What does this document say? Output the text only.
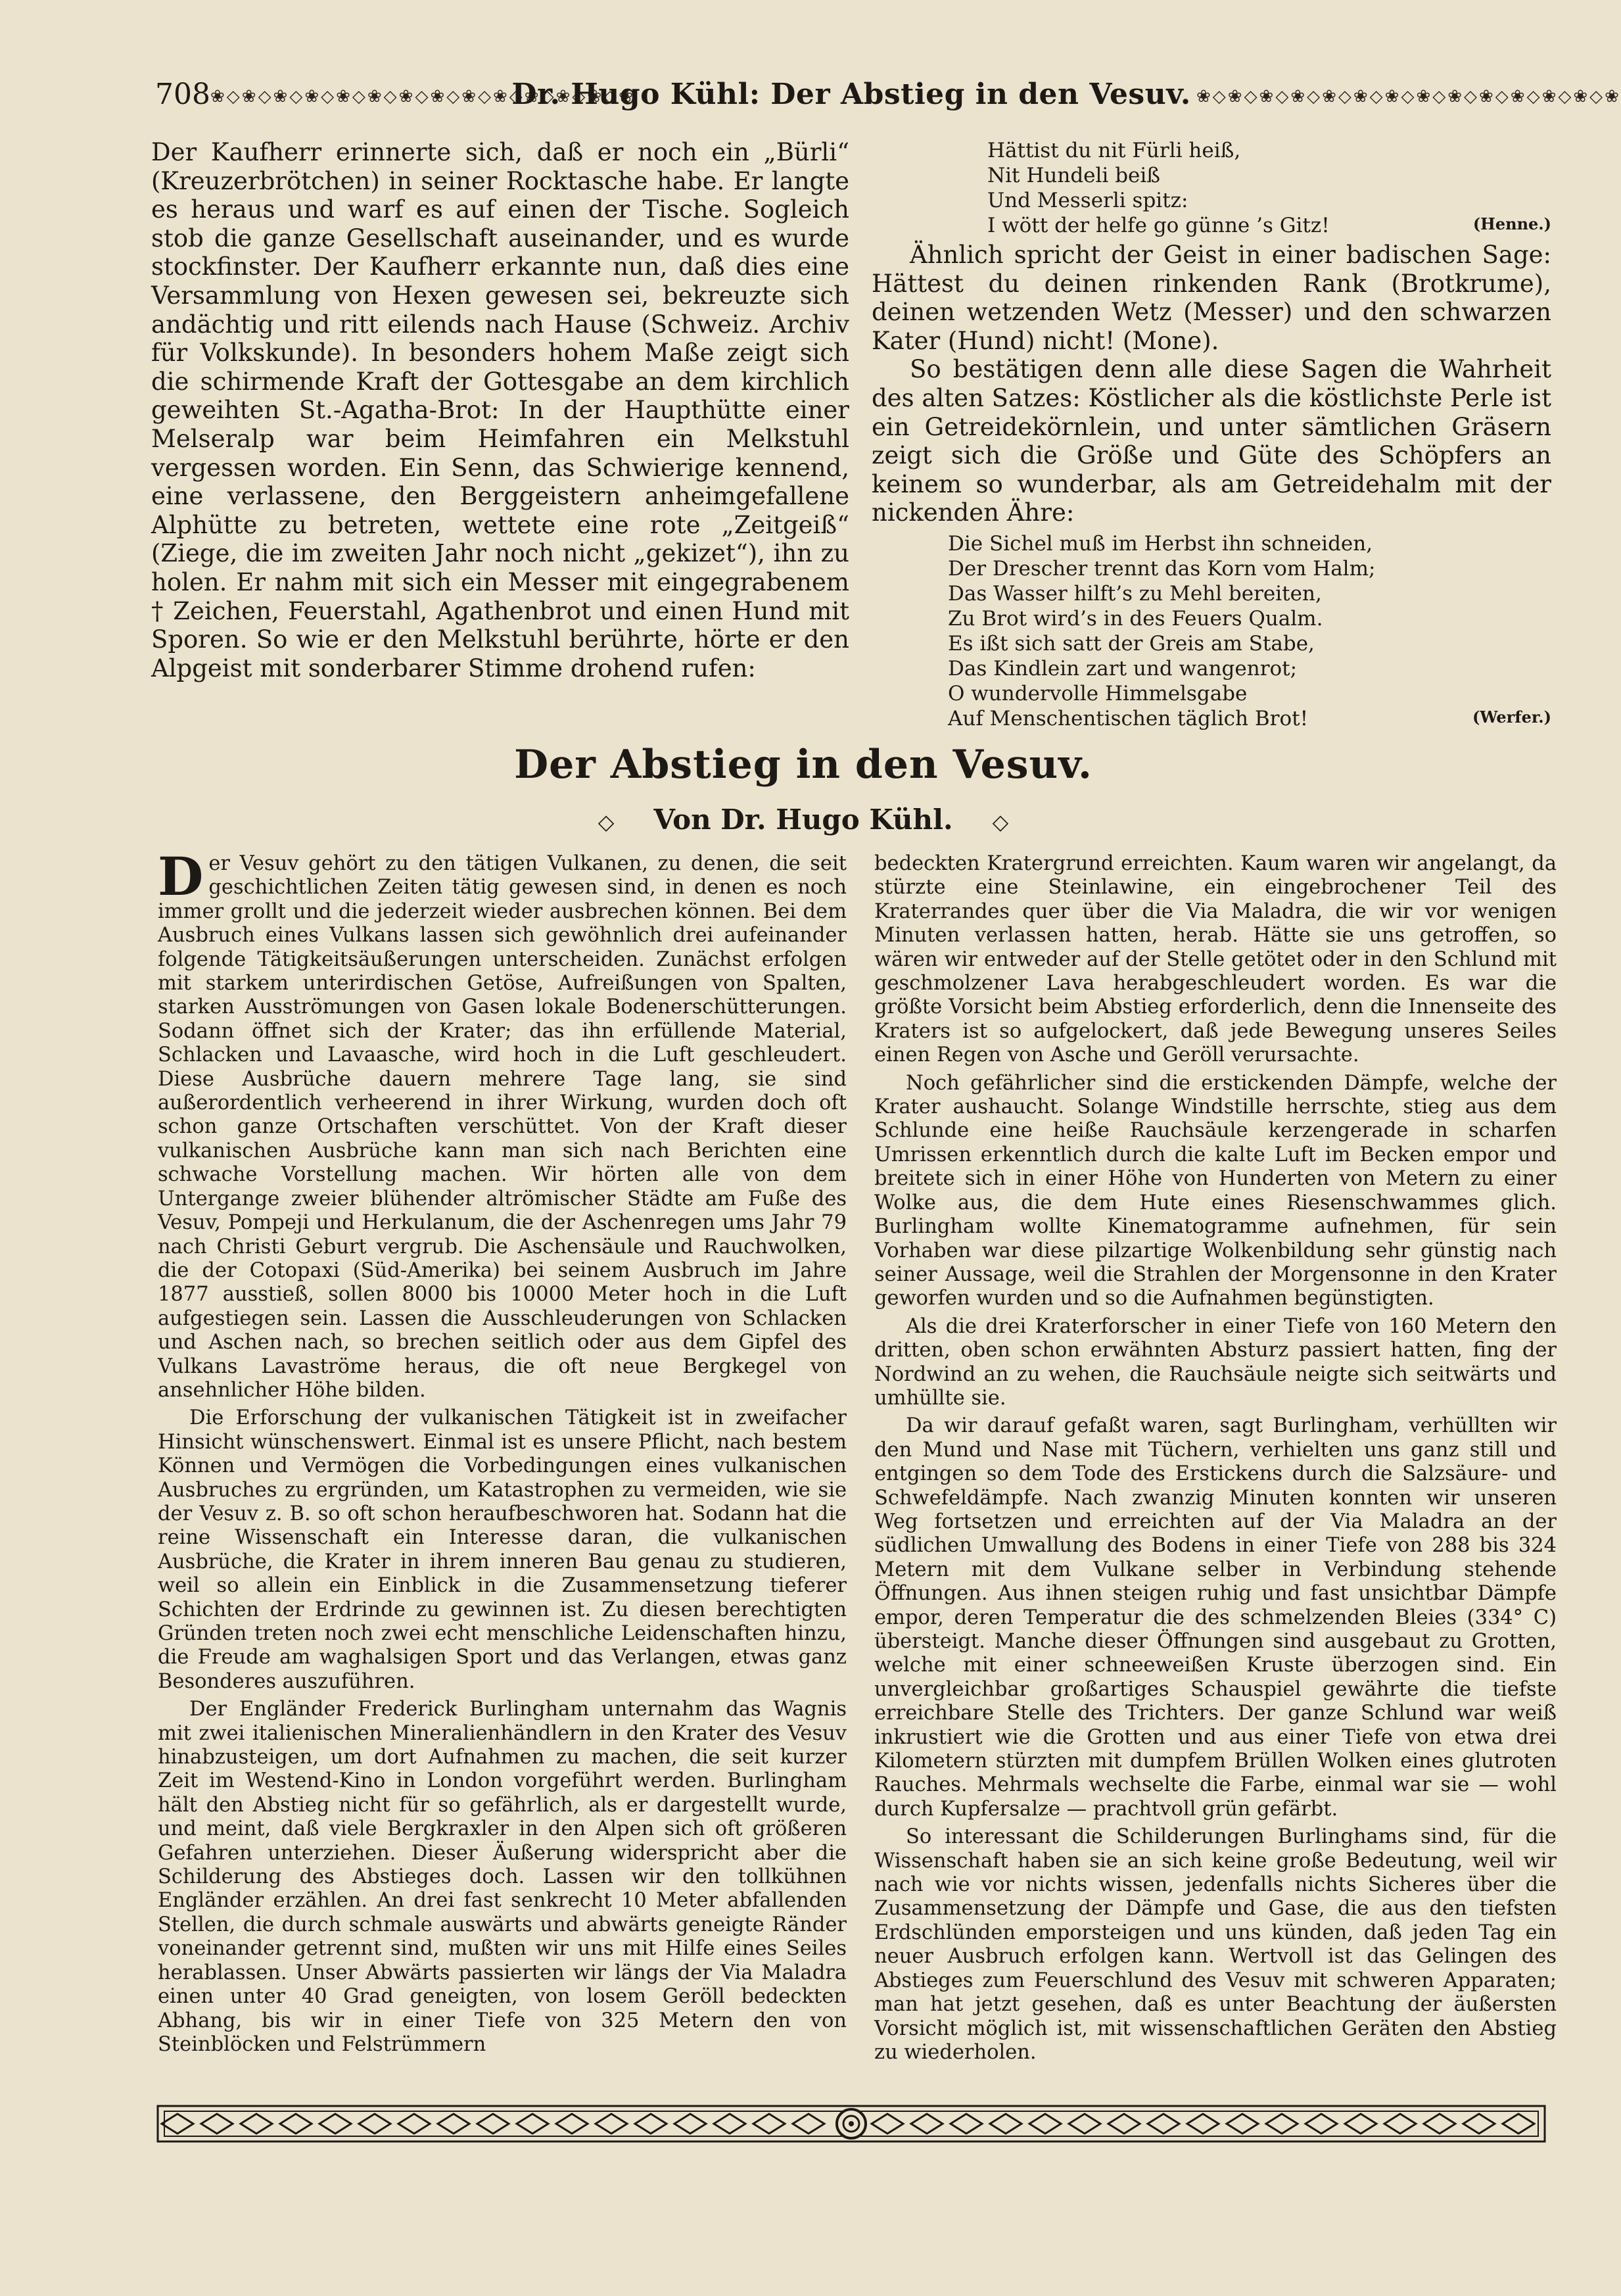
708 ❀◇❀◇❀◇❀◇❀◇❀◇❀◇❀◇❀◇❀◇❀◇❀◇❀◇❀
Dr. Hugo Kühl: Der Abstieg in den Vesuv. ❀◇❀◇❀◇❀◇❀◇❀◇❀◇❀◇❀◇❀◇❀◇❀◇❀◇❀

Der Kaufherr erinnerte sich, daß er noch ein „Bürli“ (Kreuzerbrötchen) in seiner Rocktasche habe. Er langte es heraus und warf es auf einen der Tische. Sogleich stob die ganze Gesellschaft auseinander, und es wurde stockfinster. Der Kaufherr erkannte nun, daß dies eine Versammlung von Hexen gewesen sei, bekreuzte sich andächtig und ritt eilends nach Hause (Schweiz. Archiv für Volkskunde). In besonders hohem Maße zeigt sich die schirmende Kraft der Gottesgabe an dem kirchlich geweihten St.-Agatha-Brot: In der Haupthütte einer Melseralp war beim Heimfahren ein Melkstuhl vergessen worden. Ein Senn, das Schwierige kennend, eine verlassene, den Berggeistern anheimgefallene Alphütte zu betreten, wettete eine rote „Zeitgeiß“ (Ziege, die im zweiten Jahr noch nicht „gekizet“), ihn zu holen. Er nahm mit sich ein Messer mit eingegrabenem † Zeichen, Feuerstahl, Agathenbrot und einen Hund mit Sporen. So wie er den Melkstuhl berührte, hörte er den Alpgeist mit sonderbarer Stimme drohend rufen:

Hättist du nit Fürli heiß,
Nit Hundeli beiß
Und Messerli spitz:
I wött der helfe go günne ’s Gitz!	(Henne.)

Ähnlich spricht der Geist in einer badischen Sage: Hättest du deinen rinkenden Rank (Brotkrume), deinen wetzenden Wetz (Messer) und den schwarzen Kater (Hund) nicht! (Mone).

So bestätigen denn alle diese Sagen die Wahrheit des alten Satzes: Köstlicher als die köstlichste Perle ist ein Getreidekörnlein, und unter sämtlichen Gräsern zeigt sich die Größe und Güte des Schöpfers an keinem so wunderbar, als am Getreidehalm mit der nickenden Ähre:

Die Sichel muß im Herbst ihn schneiden,
Der Drescher trennt das Korn vom Halm;
Das Wasser hilft’s zu Mehl bereiten,
Zu Brot wird’s in des Feuers Qualm.
Es ißt sich satt der Greis am Stabe,
Das Kindlein zart und wangenrot;
O wundervolle Himmelsgabe
Auf Menschentischen täglich Brot!	(Werfer.)
Der Abstieg in den Vesuv.
◇ Von Dr. Hugo Kühl. ◇

Der Vesuv gehört zu den tätigen Vulkanen, zu denen, die seit geschichtlichen Zeiten tätig gewesen sind, in denen es noch immer grollt und die jederzeit wieder ausbrechen können. Bei dem Ausbruch eines Vulkans lassen sich gewöhnlich drei aufeinander folgende Tätigkeitsäußerungen unterscheiden. Zunächst erfolgen mit starkem unterirdischen Getöse, Aufreißungen von Spalten, starken Ausströmungen von Gasen lokale Bodenerschütterungen. Sodann öffnet sich der Krater; das ihn erfüllende Material, Schlacken und Lavaasche, wird hoch in die Luft geschleudert. Diese Ausbrüche dauern mehrere Tage lang, sie sind außerordentlich verheerend in ihrer Wirkung, wurden doch oft schon ganze Ortschaften verschüttet. Von der Kraft dieser vulkanischen Ausbrüche kann man sich nach Berichten eine schwache Vorstellung machen. Wir hörten alle von dem Untergange zweier blühender altrömischer Städte am Fuße des Vesuv, Pompeji und Herkulanum, die der Aschenregen ums Jahr 79 nach Christi Geburt vergrub. Die Aschensäule und Rauchwolken, die der Cotopaxi (Süd-Amerika) bei seinem Ausbruch im Jahre 1877 ausstieß, sollen 8000 bis 10000 Meter hoch in die Luft aufgestiegen sein. Lassen die Ausschleuderungen von Schlacken und Aschen nach, so brechen seitlich oder aus dem Gipfel des Vulkans Lavaströme heraus, die oft neue Bergkegel von ansehnlicher Höhe bilden.

Die Erforschung der vulkanischen Tätigkeit ist in zweifacher Hinsicht wünschenswert. Einmal ist es unsere Pflicht, nach bestem Können und Vermögen die Vorbedingungen eines vulkanischen Ausbruches zu ergründen, um Katastrophen zu vermeiden, wie sie der Vesuv z. B. so oft schon heraufbeschworen hat. Sodann hat die reine Wissenschaft ein Interesse daran, die vulkanischen Ausbrüche, die Krater in ihrem inneren Bau genau zu studieren, weil so allein ein Einblick in die Zusammensetzung tieferer Schichten der Erdrinde zu gewinnen ist. Zu diesen berechtigten Gründen treten noch zwei echt menschliche Leidenschaften hinzu, die Freude am waghalsigen Sport und das Verlangen, etwas ganz Besonderes auszuführen.

Der Engländer Frederick Burlingham unternahm das Wagnis mit zwei italienischen Mineralienhändlern in den Krater des Vesuv hinabzusteigen, um dort Aufnahmen zu machen, die seit kurzer Zeit im Westend-Kino in London vorgeführt werden. Burlingham hält den Abstieg nicht für so gefährlich, als er dargestellt wurde, und meint, daß viele Bergkraxler in den Alpen sich oft größeren Gefahren unterziehen. Dieser Äußerung widerspricht aber die Schilderung des Abstieges doch. Lassen wir den tollkühnen Engländer erzählen. An drei fast senkrecht 10 Meter abfallenden Stellen, die durch schmale auswärts und abwärts geneigte Ränder voneinander getrennt sind, mußten wir uns mit Hilfe eines Seiles herablassen. Unser Abwärts passierten wir längs der Via Maladra einen unter 40 Grad geneigten, von losem Geröll bedeckten Abhang, bis wir in einer Tiefe von 325 Metern den von Steinblöcken und Felstrümmern

bedeckten Kratergrund erreichten. Kaum waren wir angelangt, da stürzte eine Steinlawine, ein eingebrochener Teil des Kraterrandes quer über die Via Maladra, die wir vor wenigen Minuten verlassen hatten, herab. Hätte sie uns getroffen, so wären wir entweder auf der Stelle getötet oder in den Schlund mit geschmolzener Lava herabgeschleudert worden. Es war die größte Vorsicht beim Abstieg erforderlich, denn die Innenseite des Kraters ist so aufgelockert, daß jede Bewegung unseres Seiles einen Regen von Asche und Geröll verursachte.

Noch gefährlicher sind die erstickenden Dämpfe, welche der Krater aushaucht. Solange Windstille herrschte, stieg aus dem Schlunde eine heiße Rauchsäule kerzengerade in scharfen Umrissen erkenntlich durch die kalte Luft im Becken empor und breitete sich in einer Höhe von Hunderten von Metern zu einer Wolke aus, die dem Hute eines Riesenschwammes glich. Burlingham wollte Kinematogramme aufnehmen, für sein Vorhaben war diese pilzartige Wolkenbildung sehr günstig nach seiner Aussage, weil die Strahlen der Morgensonne in den Krater geworfen wurden und so die Aufnahmen begünstigten.

Als die drei Kraterforscher in einer Tiefe von 160 Metern den dritten, oben schon erwähnten Absturz passiert hatten, fing der Nordwind an zu wehen, die Rauchsäule neigte sich seitwärts und umhüllte sie.

Da wir darauf gefaßt waren, sagt Burlingham, verhüllten wir den Mund und Nase mit Tüchern, verhielten uns ganz still und entgingen so dem Tode des Erstickens durch die Salzsäure- und Schwefeldämpfe. Nach zwanzig Minuten konnten wir unseren Weg fortsetzen und erreichten auf der Via Maladra an der südlichen Umwallung des Bodens in einer Tiefe von 288 bis 324 Metern mit dem Vulkane selber in Verbindung stehende Öffnungen. Aus ihnen steigen ruhig und fast unsichtbar Dämpfe empor, deren Temperatur die des schmelzenden Bleies (334° C) übersteigt. Manche dieser Öffnungen sind ausgebaut zu Grotten, welche mit einer schneeweißen Kruste überzogen sind. Ein unvergleichbar großartiges Schauspiel gewährte die tiefste erreichbare Stelle des Trichters. Der ganze Schlund war weiß inkrustiert wie die Grotten und aus einer Tiefe von etwa drei Kilometern stürzten mit dumpfem Brüllen Wolken eines glutroten Rauches. Mehrmals wechselte die Farbe, einmal war sie — wohl durch Kupfersalze — prachtvoll grün gefärbt.

So interessant die Schilderungen Burlinghams sind, für die Wissenschaft haben sie an sich keine große Bedeutung, weil wir nach wie vor nichts wissen, jedenfalls nichts Sicheres über die Zusammensetzung der Dämpfe und Gase, die aus den tiefsten Erdschlünden emporsteigen und uns künden, daß jeden Tag ein neuer Ausbruch erfolgen kann. Wertvoll ist das Gelingen des Abstieges zum Feuerschlund des Vesuv mit schweren Apparaten; man hat jetzt gesehen, daß es unter Beachtung der äußersten Vorsicht möglich ist, mit wissenschaftlichen Geräten den Abstieg zu wiederholen.
